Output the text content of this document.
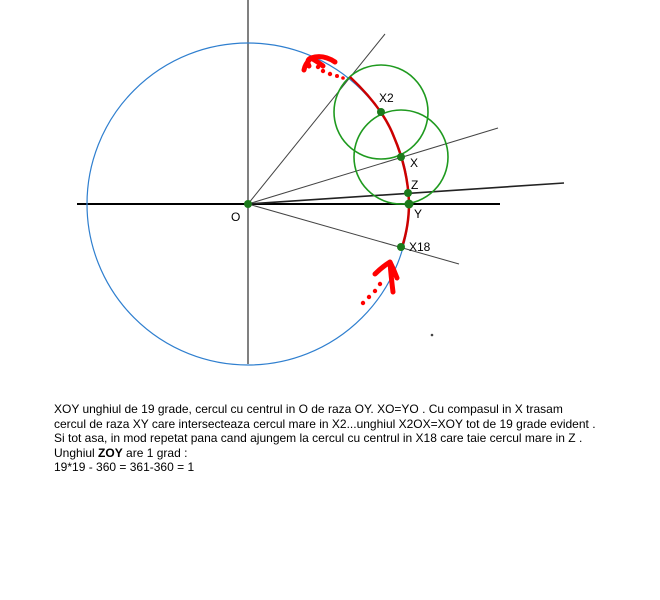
O
X2
X
Z
Y
X18

XOY unghiul de 19 grade, cercul cu centrul in O de raza OY. XO=YO . Cu compasul in X trasam

cercul de raza XY care intersecteaza cercul mare in X2...unghiul X2OX=XOY tot de 19 grade evident .

Si tot asa, in mod repetat pana cand ajungem la cercul cu centrul in X18 care taie cercul mare in Z .

Unghiul ZOY are 1 grad :

19*19 - 360 = 361-360 = 1
